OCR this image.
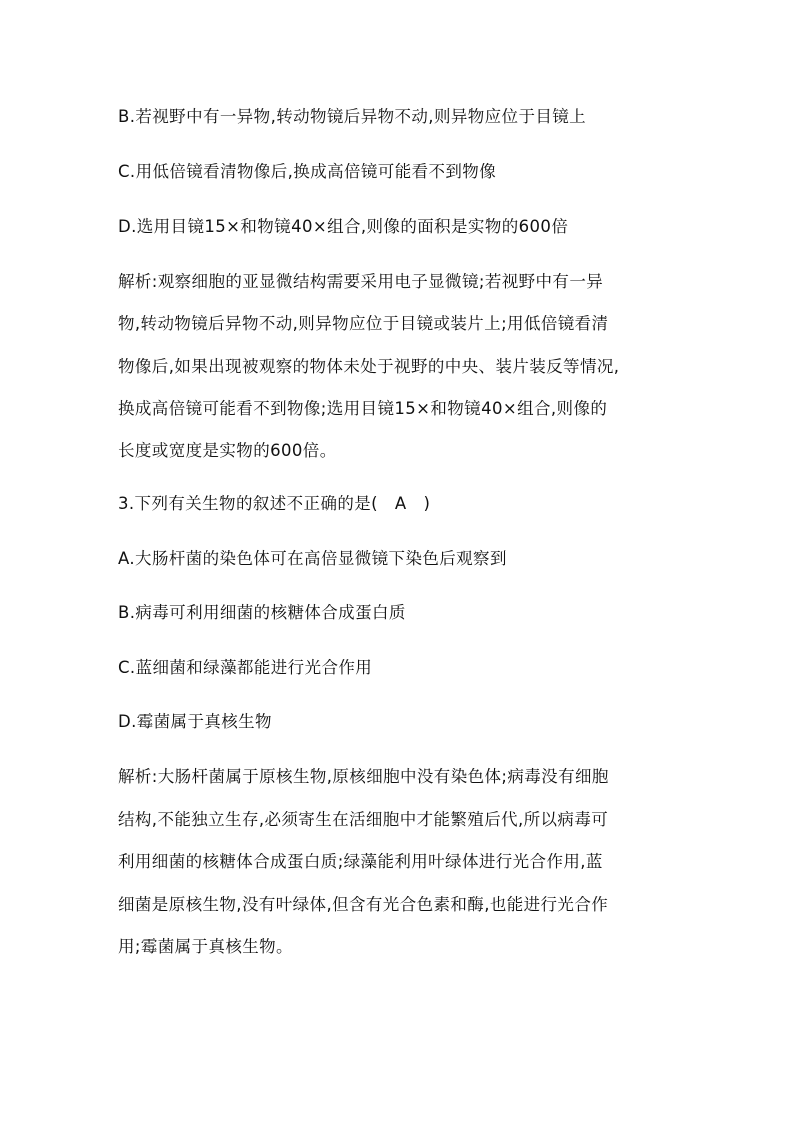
B.若视野中有一异物,转动物镜后异物不动,则异物应位于目镜上
C.用低倍镜看清物像后,换成高倍镜可能看不到物像
D.选用目镜15×和物镜40×组合,则像的面积是实物的600倍
解析:观察细胞的亚显微结构需要采用电子显微镜;若视野中有一异
物,转动物镜后异物不动,则异物应位于目镜或装片上;用低倍镜看清
物像后,如果出现被观察的物体未处于视野的中央、装片装反等情况,
换成高倍镜可能看不到物像;选用目镜15×和物镜40×组合,则像的
长度或宽度是实物的600倍。
3.下列有关生物的叙述不正确的是(　A　)
A.大肠杆菌的染色体可在高倍显微镜下染色后观察到
B.病毒可利用细菌的核糖体合成蛋白质
C.蓝细菌和绿藻都能进行光合作用
D.霉菌属于真核生物
解析:大肠杆菌属于原核生物,原核细胞中没有染色体;病毒没有细胞
结构,不能独立生存,必须寄生在活细胞中才能繁殖后代,所以病毒可
利用细菌的核糖体合成蛋白质;绿藻能利用叶绿体进行光合作用,蓝
细菌是原核生物,没有叶绿体,但含有光合色素和酶,也能进行光合作
用;霉菌属于真核生物。
